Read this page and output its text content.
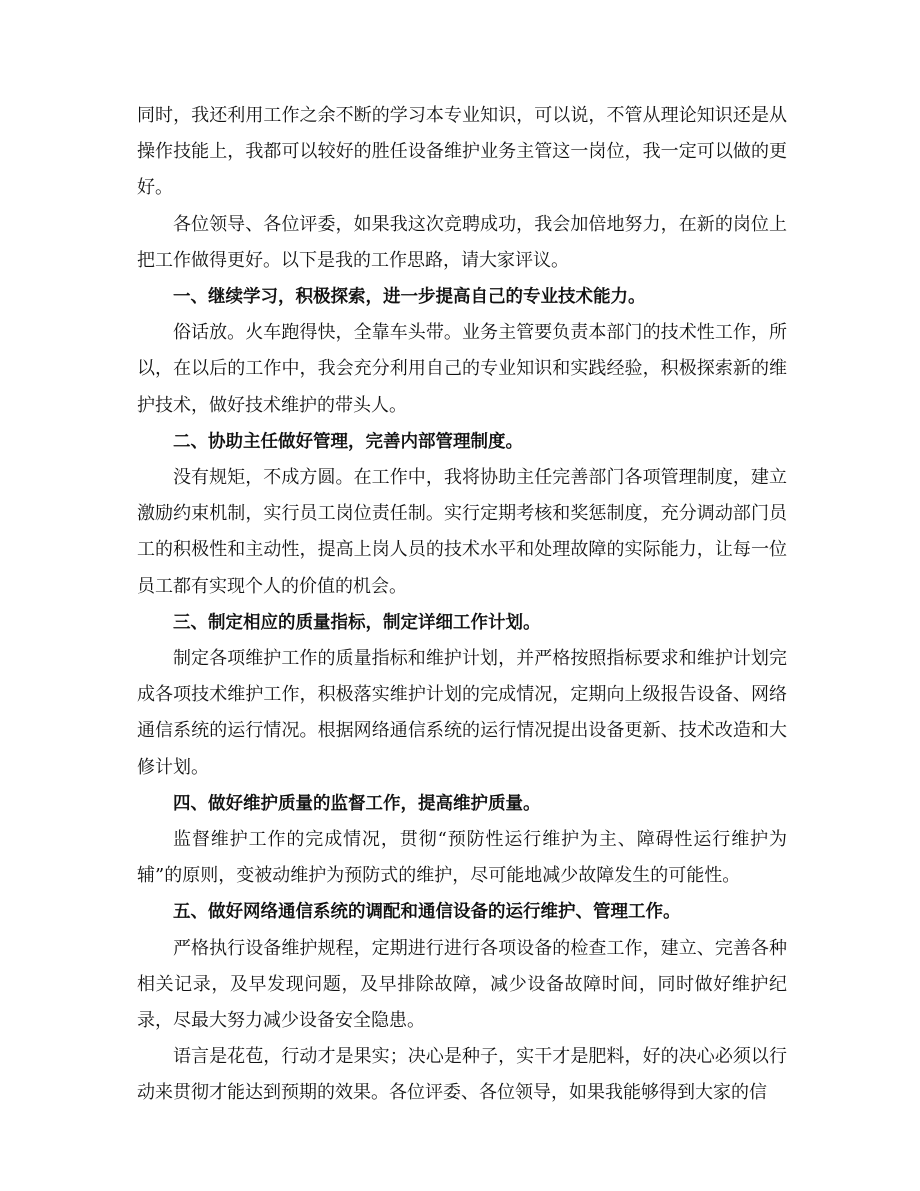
同时，我还利用工作之余不断的学习本专业知识，可以说，不管从理论知识还是从操作技能上，我都可以较好的胜任设备维护业务主管这一岗位，我一定可以做的更好。

各位领导、各位评委，如果我这次竞聘成功，我会加倍地努力，在新的岗位上把工作做得更好。以下是我的工作思路，请大家评议。

一、继续学习，积极探索，进一步提高自己的专业技术能力。

俗话放。火车跑得快，全靠车头带。业务主管要负责本部门的技术性工作，所以，在以后的工作中，我会充分利用自己的专业知识和实践经验，积极探索新的维护技术，做好技术维护的带头人。

二、协助主任做好管理，完善内部管理制度。

没有规矩，不成方圆。在工作中，我将协助主任完善部门各项管理制度，建立激励约束机制，实行员工岗位责任制。实行定期考核和奖惩制度，充分调动部门员工的积极性和主动性，提高上岗人员的技术水平和处理故障的实际能力，让每一位员工都有实现个人的价值的机会。

三、制定相应的质量指标，制定详细工作计划。

制定各项维护工作的质量指标和维护计划，并严格按照指标要求和维护计划完成各项技术维护工作，积极落实维护计划的完成情况，定期向上级报告设备、网络通信系统的运行情况。根据网络通信系统的运行情况提出设备更新、技术改造和大修计划。

四、做好维护质量的监督工作，提高维护质量。

监督维护工作的完成情况，贯彻“预防性运行维护为主、障碍性运行维护为辅”的原则，变被动维护为预防式的维护，尽可能地减少故障发生的可能性。

五、做好网络通信系统的调配和通信设备的运行维护、管理工作。

严格执行设备维护规程，定期进行进行各项设备的检查工作，建立、完善各种相关记录，及早发现问题，及早排除故障，减少设备故障时间，同时做好维护纪录，尽最大努力减少设备安全隐患。

语言是花苞，行动才是果实；决心是种子，实干才是肥料，好的决心必须以行动来贯彻才能达到预期的效果。各位评委、各位领导，如果我能够得到大家的信
